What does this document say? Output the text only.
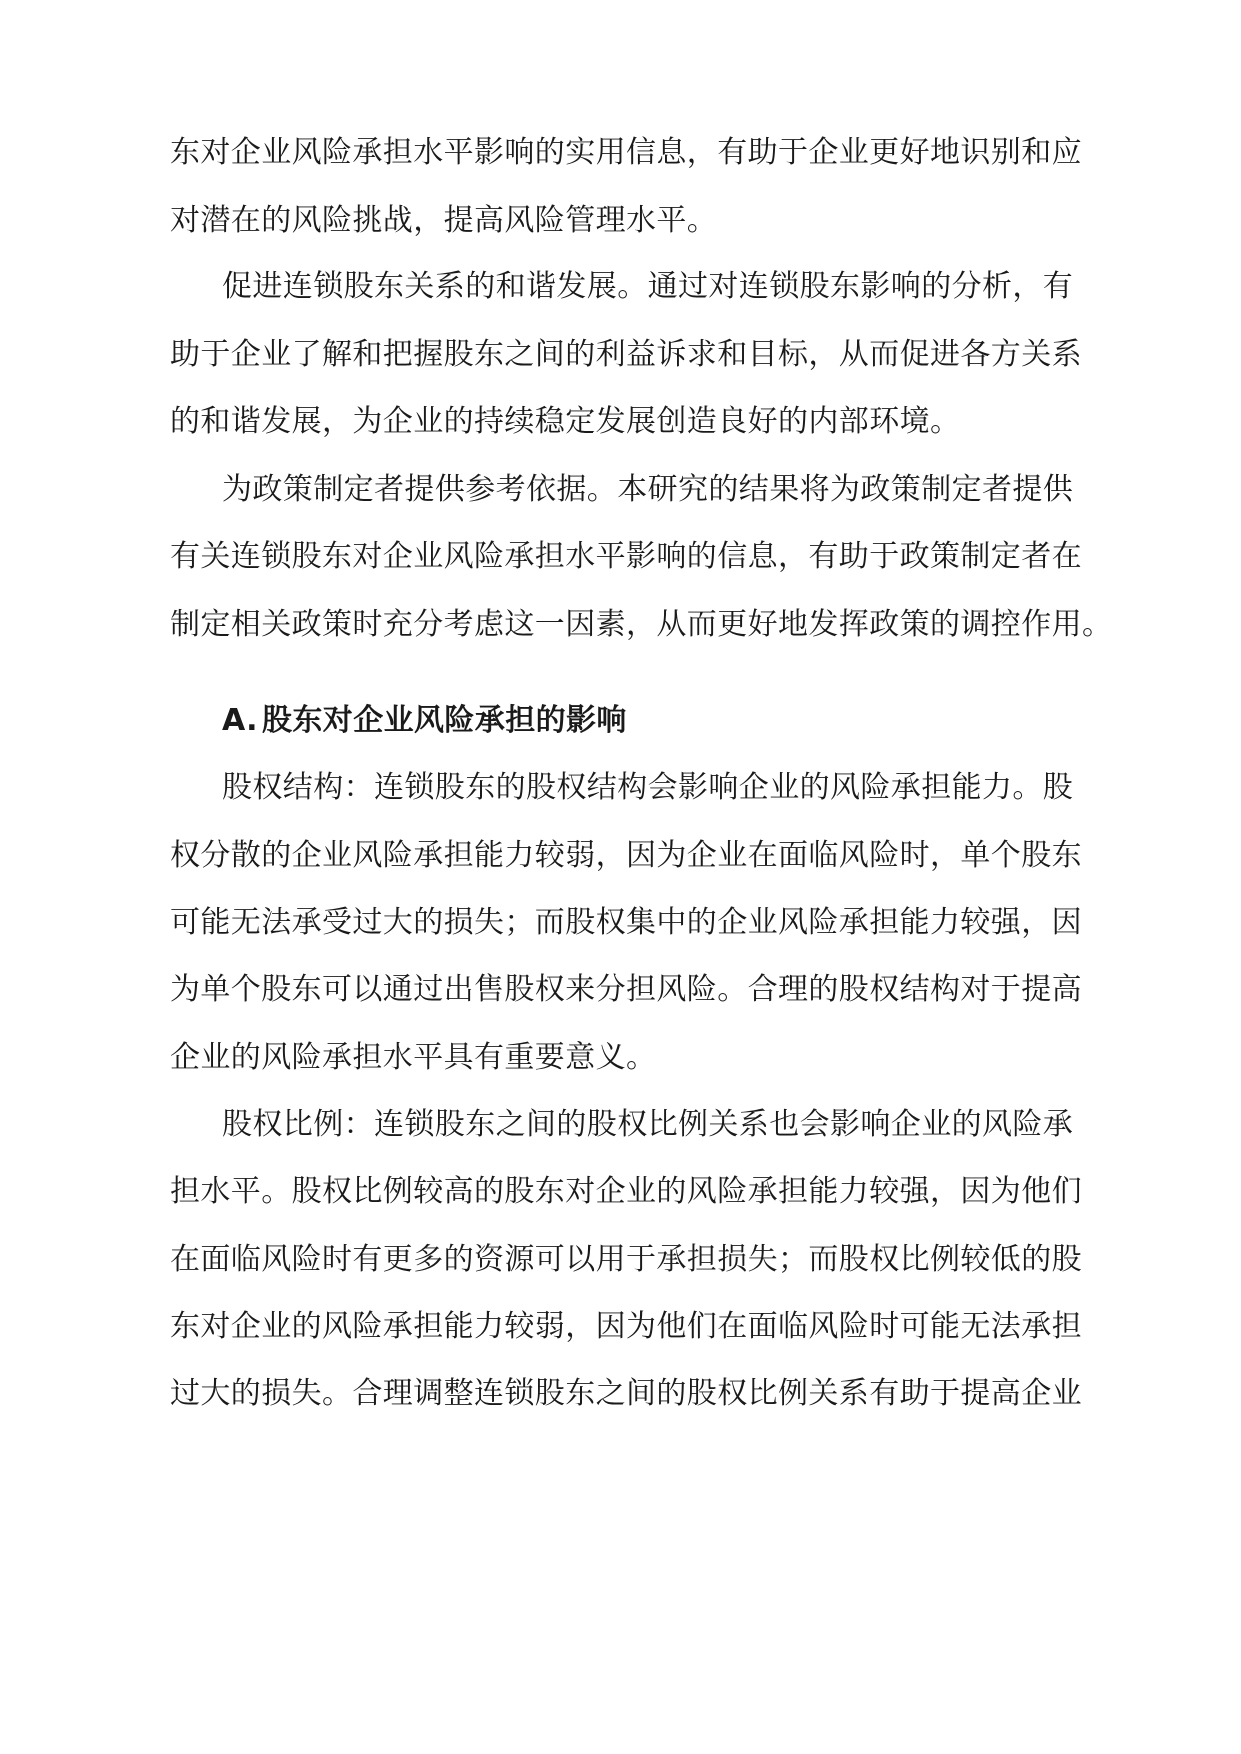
东对企业风险承担水平影响的实用信息，有助于企业更好地识别和应
对潜在的风险挑战，提高风险管理水平。
促进连锁股东关系的和谐发展。通过对连锁股东影响的分析，有
助于企业了解和把握股东之间的利益诉求和目标，从而促进各方关系
的和谐发展，为企业的持续稳定发展创造良好的内部环境。
为政策制定者提供参考依据。本研究的结果将为政策制定者提供
有关连锁股东对企业风险承担水平影响的信息，有助于政策制定者在
制定相关政策时充分考虑这一因素，从而更好地发挥政策的调控作用。
A. 股东对企业风险承担的影响
股权结构：连锁股东的股权结构会影响企业的风险承担能力。股
权分散的企业风险承担能力较弱，因为企业在面临风险时，单个股东
可能无法承受过大的损失；而股权集中的企业风险承担能力较强，因
为单个股东可以通过出售股权来分担风险。合理的股权结构对于提高
企业的风险承担水平具有重要意义。
股权比例：连锁股东之间的股权比例关系也会影响企业的风险承
担水平。股权比例较高的股东对企业的风险承担能力较强，因为他们
在面临风险时有更多的资源可以用于承担损失；而股权比例较低的股
东对企业的风险承担能力较弱，因为他们在面临风险时可能无法承担
过大的损失。合理调整连锁股东之间的股权比例关系有助于提高企业
